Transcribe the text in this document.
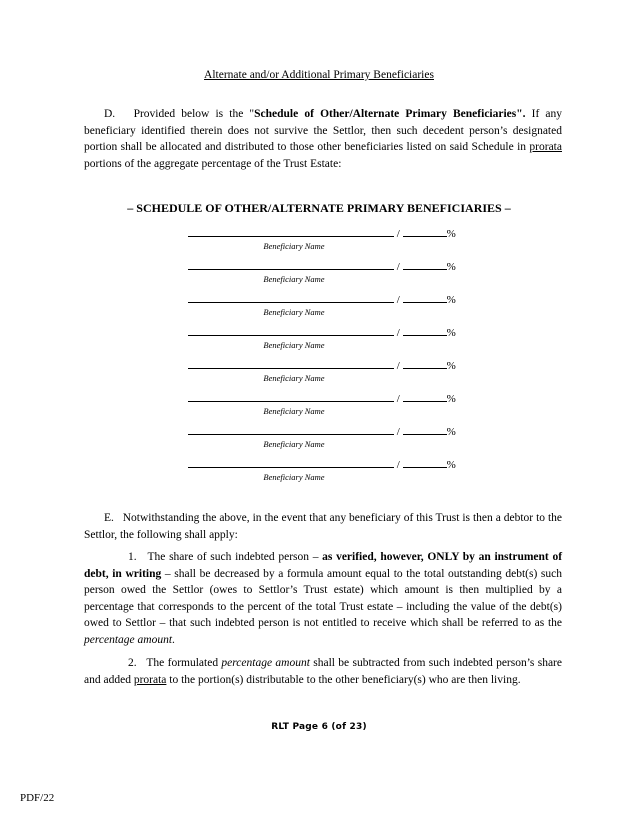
Alternate and/or Additional Primary Beneficiaries
D. Provided below is the "Schedule of Other/Alternate Primary Beneficiaries". If any beneficiary identified therein does not survive the Settlor, then such decedent person’s designated portion shall be allocated and distributed to those other beneficiaries listed on said Schedule in prorata portions of the aggregate percentage of the Trust Estate:
– SCHEDULE OF OTHER/ALTERNATE PRIMARY BENEFICIARIES –
/	%
Beneficiary Name
/	%
Beneficiary Name
/	%
Beneficiary Name
/	%
Beneficiary Name
/	%
Beneficiary Name
/	%
Beneficiary Name
/	%
Beneficiary Name
/	%
Beneficiary Name
E. Notwithstanding the above, in the event that any beneficiary of this Trust is then a debtor to the Settlor, the following shall apply:
1. The share of such indebted person – as verified, however, ONLY by an instrument of debt, in writing – shall be decreased by a formula amount equal to the total outstanding debt(s) such person owed the Settlor (owes to Settlor’s Trust estate) which amount is then multiplied by a percentage that corresponds to the percent of the total Trust estate – including the value of the debt(s) owed to Settlor – that such indebted person is not entitled to receive which shall be referred to as the percentage amount.
2. The formulated percentage amount shall be subtracted from such indebted person’s share and added prorata to the portion(s) distributable to the other beneficiary(s) who are then living.
RLT Page 6 (of 23)
PDF/22
